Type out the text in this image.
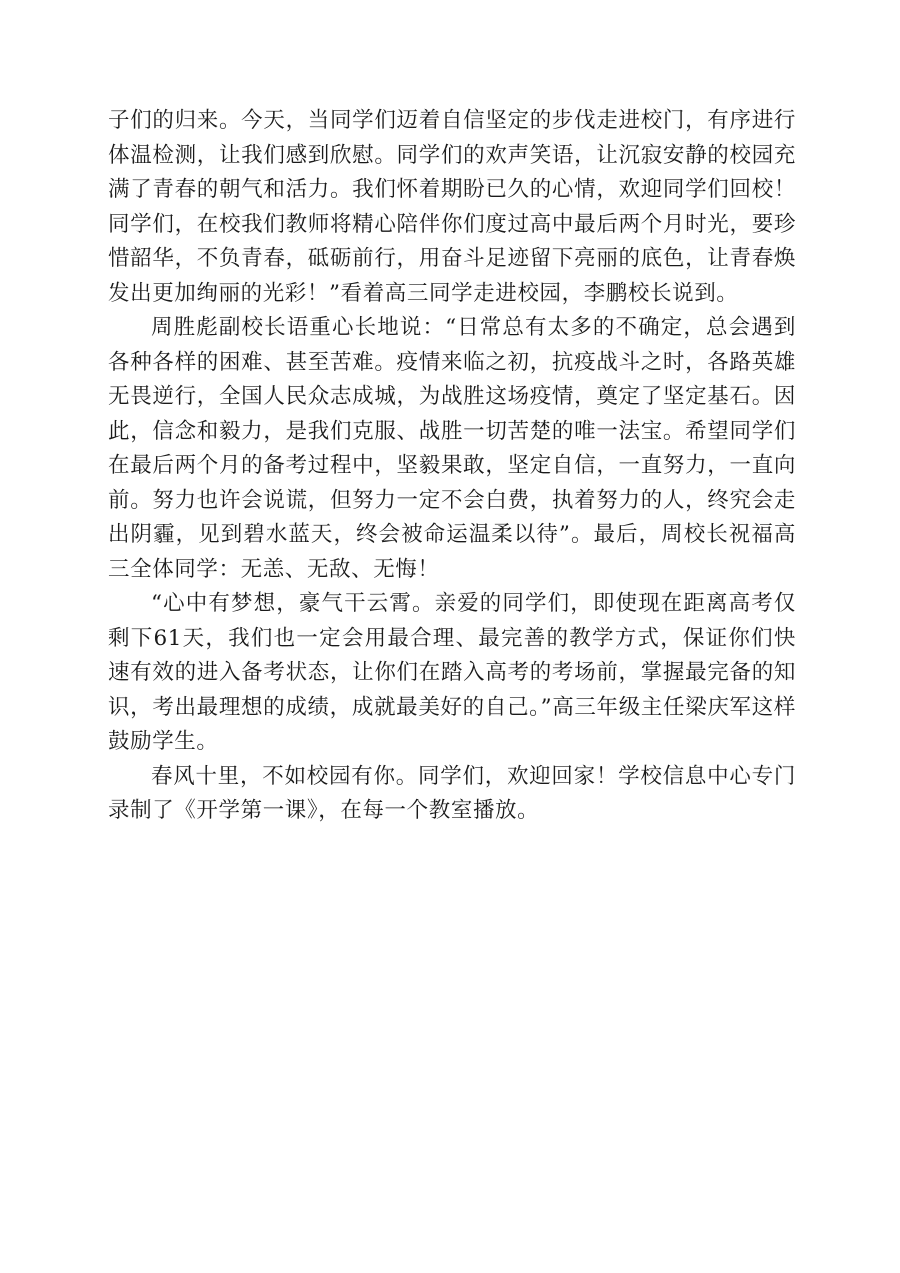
子们的归来。今天，当同学们迈着自信坚定的步伐走进校门，有序进行体温检测，让我们感到欣慰。同学们的欢声笑语，让沉寂安静的校园充满了青春的朝气和活力。我们怀着期盼已久的心情，欢迎同学们回校！同学们，在校我们教师将精心陪伴你们度过高中最后两个月时光，要珍惜韶华，不负青春，砥砺前行，用奋斗足迹留下亮丽的底色，让青春焕发出更加绚丽的光彩！”看着高三同学走进校园，李鹏校长说到。

周胜彪副校长语重心长地说：“日常总有太多的不确定，总会遇到各种各样的困难、甚至苦难。疫情来临之初，抗疫战斗之时，各路英雄无畏逆行，全国人民众志成城，为战胜这场疫情，奠定了坚定基石。因此，信念和毅力，是我们克服、战胜一切苦楚的唯一法宝。希望同学们在最后两个月的备考过程中，坚毅果敢，坚定自信，一直努力，一直向前。努力也许会说谎，但努力一定不会白费，执着努力的人，终究会走出阴霾，见到碧水蓝天，终会被命运温柔以待”。最后，周校长祝福高三全体同学：无恙、无敌、无悔！

“心中有梦想，豪气干云霄。亲爱的同学们，即使现在距离高考仅剩下61天，我们也一定会用最合理、最完善的教学方式，保证你们快速有效的进入备考状态，让你们在踏入高考的考场前，掌握最完备的知识，考出最理想的成绩，成就最美好的自己。”高三年级主任梁庆军这样鼓励学生。

春风十里，不如校园有你。同学们，欢迎回家！学校信息中心专门录制了《开学第一课》，在每一个教室播放。
